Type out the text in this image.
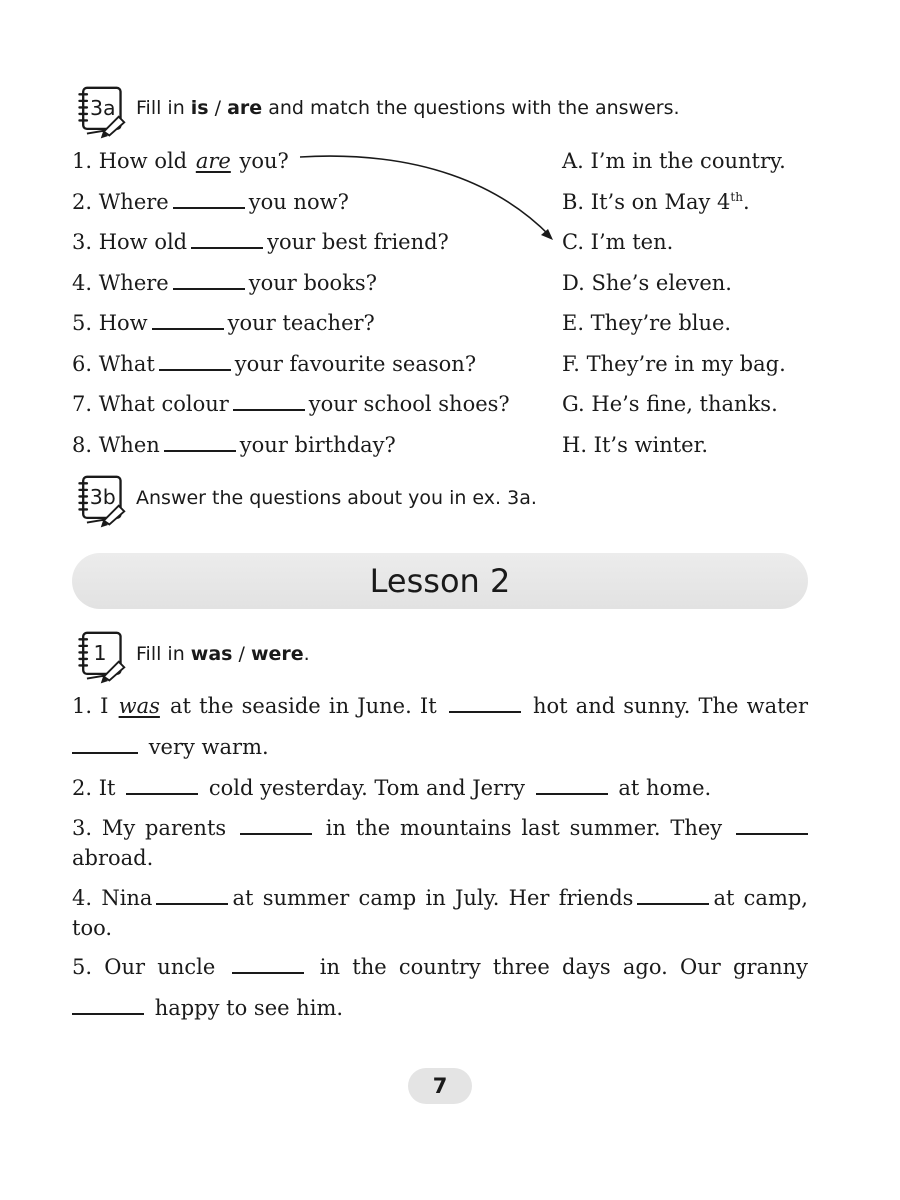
3a Fill in is / are and match the questions with the answers.
1. How old are you?
2. Where	you now?
3. How old	your best friend?
4. Where	your books?
5. How	your teacher?
6. What	your favourite season?
7. What colour	your school shoes?
8. When	your birthday?
A. I’m in the country.
B. It’s on May 4th.
C. I’m ten.
D. She’s eleven.
E. They’re blue.
F. They’re in my bag.
G. He’s fine, thanks.
H. It’s winter.
3b Answer the questions about you in ex. 3a.
Lesson 2
1 Fill in was / were.
1. I was at the seaside in June. It	hot and sunny. The water
very warm.
2. It	cold yesterday. Tom and Jerry	at home.
3. My parents	in the mountains last summer. They
abroad.
4. Nina	at summer camp in July. Her friends	at camp,
too.
5. Our uncle	in the country three days ago. Our granny
happy to see him.
7
